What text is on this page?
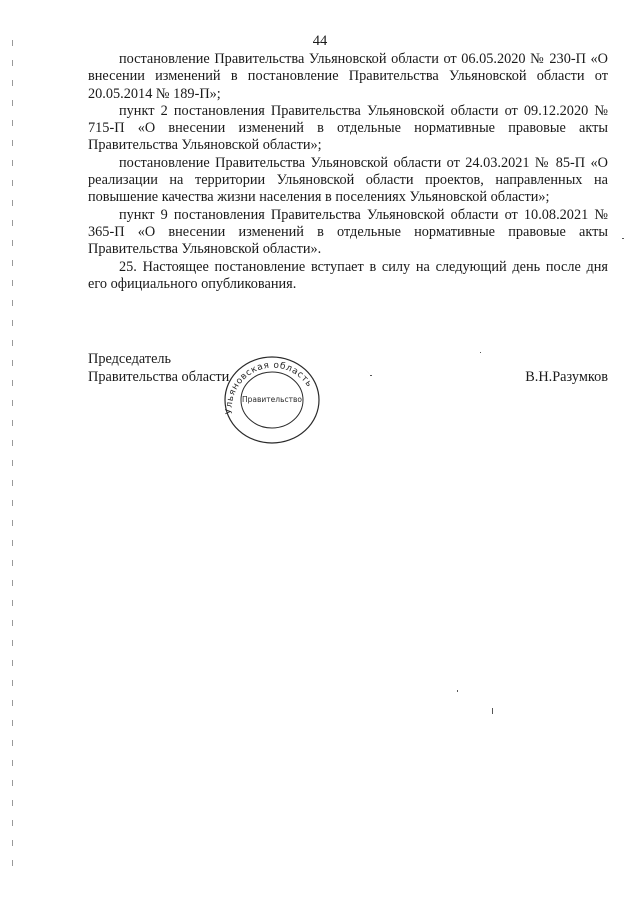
44

постановление Правительства Ульяновской области от 06.05.2020 № 230-П «О внесении изменений в постановление Правительства Ульяновской области от 20.05.2014 № 189-П»;

пункт 2 постановления Правительства Ульяновской области от 09.12.2020 № 715-П «О внесении изменений в отдельные нормативные правовые акты Правительства Ульяновской области»;

постановление Правительства Ульяновской области от 24.03.2021 № 85-П «О реализации на территории Ульяновской области проектов, направленных на повышение качества жизни населения в поселениях Ульяновской области»;

пункт 9 постановления Правительства Ульяновской области от 10.08.2021 № 365-П «О внесении изменений в отдельные нормативные правовые акты Правительства Ульяновской области».

25. Настоящее постановление вступает в силу на следующий день после дня его официального опубликования.

Председатель
Правительства области	В.Н.Разумков
Ульяновская область
Правительство
